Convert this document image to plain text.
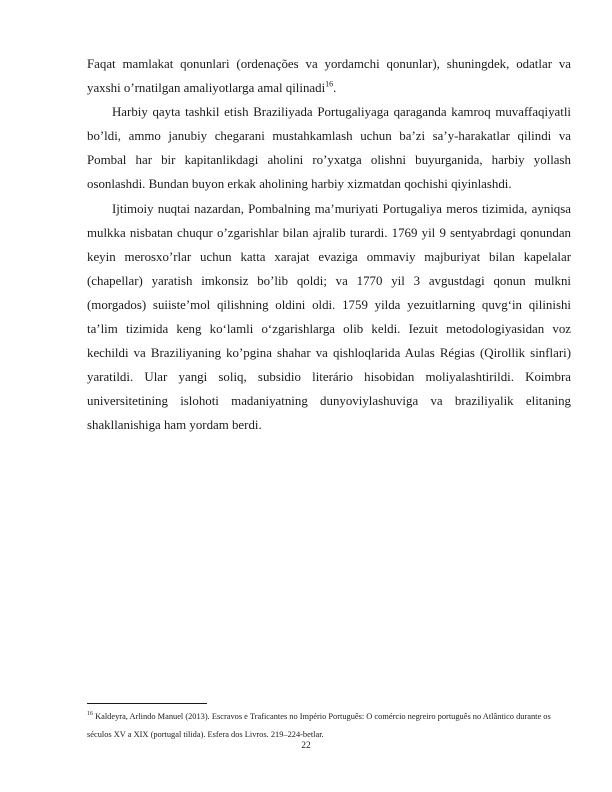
Faqat mamlakat qonunlari (ordenações va yordamchi qonunlar), shuningdek, odatlar va yaxshi o’rnatilgan amaliyotlarga amal qilinadi$^{16}$.

Harbiy qayta tashkil etish Braziliyada Portugaliyaga qaraganda kamroq muvaffaqiyatli bo’ldi, ammo janubiy chegarani mustahkamlash uchun ba’zi sa’y-harakatlar qilindi va Pombal har bir kapitanlikdagi aholini ro’yxatga olishni buyurganida, harbiy yollash osonlashdi. Bundan buyon erkak aholining harbiy xizmatdan qochishi qiyinlashdi.

Ijtimoiy nuqtai nazardan, Pombalning ma’muriyati Portugaliya meros tizimida, ayniqsa mulkka nisbatan chuqur o’zgarishlar bilan ajralib turardi. 1769 yil 9 sentyabrdagi qonundan keyin merosxo’rlar uchun katta xarajat evaziga ommaviy majburiyat bilan kapelalar (chapellar) yaratish imkonsiz bo’lib qoldi; va 1770 yil 3 avgustdagi qonun mulkni (morgados) suiiste’mol qilishning oldini oldi. 1759 yilda yezuitlarning quvg‘in qilinishi ta’lim tizimida keng ko‘lamli o‘zgarishlarga olib keldi. Iezuit metodologiyasidan voz kechildi va Braziliyaning ko’pgina shahar va qishloqlarida Aulas Régias (Qirollik sinflari) yaratildi. Ular yangi soliq, subsidio literário hisobidan moliyalashtirildi. Koimbra universitetining islohoti madaniyatning dunyoviylashuviga va braziliyalik elitaning shakllanishiga ham yordam berdi.

$^{16}$ Kaldeyra, Arlindo Manuel (2013). Escravos e Traficantes no Império Português: O comércio negreiro português no Atlântico durante os séculos XV a XIX (portugal tilida). Esfera dos Livros. 219–224-betlar.
22
